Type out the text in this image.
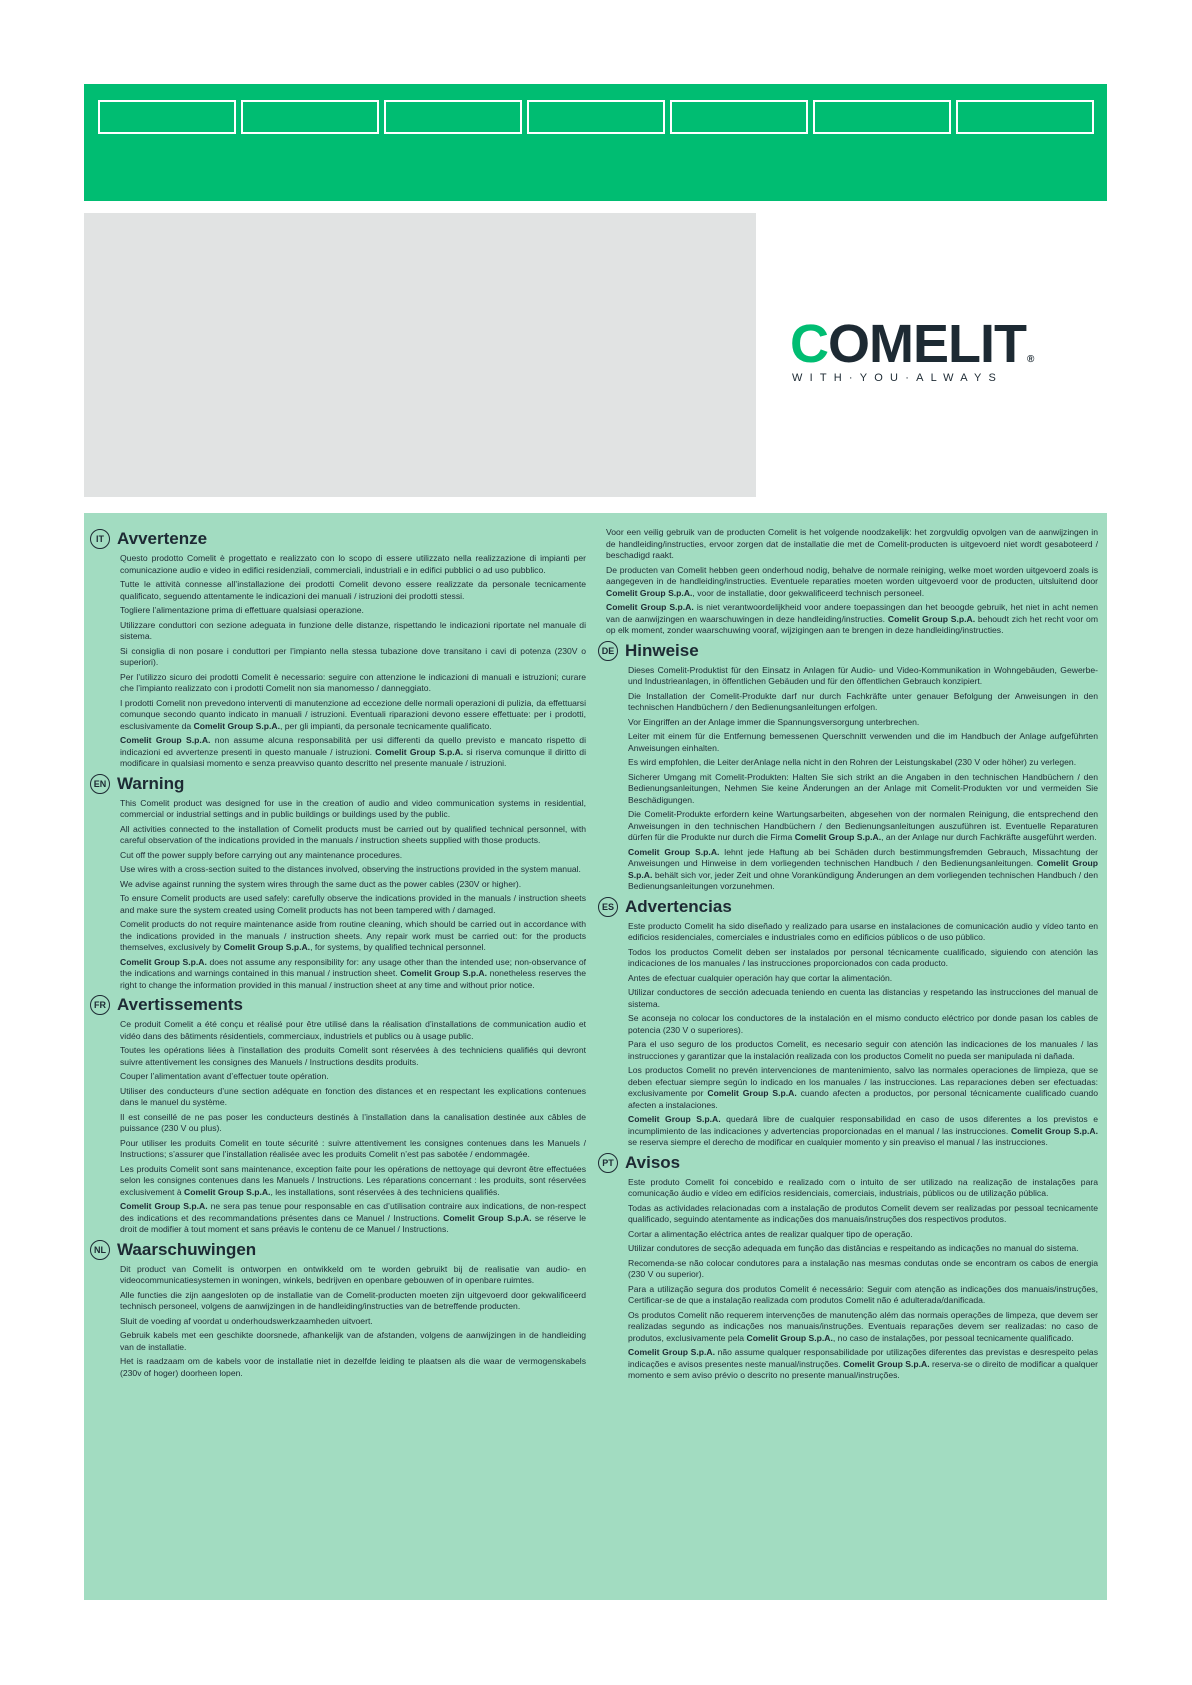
COMELIT®
WITH·YOU·ALWAYS
IT Avvertenze

Questo prodotto Comelit è progettato e realizzato con lo scopo di essere utilizzato nella realizzazione di impianti per comunicazione audio e video in edifici residenziali, commerciali, industriali e in edifici pubblici o ad uso pubblico.

Tutte le attività connesse all’installazione dei prodotti Comelit devono essere realizzate da personale tecnicamente qualificato, seguendo attentamente le indicazioni dei manuali / istruzioni dei prodotti stessi.

Togliere l’alimentazione prima di effettuare qualsiasi operazione.

Utilizzare conduttori con sezione adeguata in funzione delle distanze, rispettando le indicazioni riportate nel manuale di sistema.

Si consiglia di non posare i conduttori per l’impianto nella stessa tubazione dove transitano i cavi di potenza (230V o superiori).

Per l’utilizzo sicuro dei prodotti Comelit è necessario: seguire con attenzione le indicazioni di manuali e istruzioni; curare che l’impianto realizzato con i prodotti Comelit non sia manomesso / danneggiato.

I prodotti Comelit non prevedono interventi di manutenzione ad eccezione delle normali operazioni di pulizia, da effettuarsi comunque secondo quanto indicato in manuali / istruzioni. Eventuali riparazioni devono essere effettuate: per i prodotti, esclusivamente da Comelit Group S.p.A., per gli impianti, da personale tecnicamente qualificato.

Comelit Group S.p.A. non assume alcuna responsabilità per usi differenti da quello previsto e mancato rispetto di indicazioni ed avvertenze presenti in questo manuale / istruzioni. Comelit Group S.p.A. si riserva comunque il diritto di modificare in qualsiasi momento e senza preavviso quanto descritto nel presente manuale / istruzioni.

EN Warning

This Comelit product was designed for use in the creation of audio and video communication systems in residential, commercial or industrial settings and in public buildings or buildings used by the public.

All activities connected to the installation of Comelit products must be carried out by qualified technical personnel, with careful observation of the indications provided in the manuals / instruction sheets supplied with those products.

Cut off the power supply before carrying out any maintenance procedures.

Use wires with a cross-section suited to the distances involved, observing the instructions provided in the system manual.

We advise against running the system wires through the same duct as the power cables (230V or higher).

To ensure Comelit products are used safely: carefully observe the indications provided in the manuals / instruction sheets and make sure the system created using Comelit products has not been tampered with / damaged.

Comelit products do not require maintenance aside from routine cleaning, which should be carried out in accordance with the indications provided in the manuals / instruction sheets. Any repair work must be carried out: for the products themselves, exclusively by Comelit Group S.p.A., for systems, by qualified technical personnel.

Comelit Group S.p.A. does not assume any responsibility for: any usage other than the intended use; non-observance of the indications and warnings contained in this manual / instruction sheet. Comelit Group S.p.A. nonetheless reserves the right to change the information provided in this manual / instruction sheet at any time and without prior notice.

FR Avertissements

Ce produit Comelit a été conçu et réalisé pour être utilisé dans la réalisation d’installations de communication audio et vidéo dans des bâtiments résidentiels, commerciaux, industriels et publics ou à usage public.

Toutes les opérations liées à l’installation des produits Comelit sont réservées à des techniciens qualifiés qui devront suivre attentivement les consignes des Manuels / Instructions desdits produits.

Couper l’alimentation avant d’effectuer toute opération.

Utiliser des conducteurs d’une section adéquate en fonction des distances et en respectant les explications contenues dans le manuel du système.

Il est conseillé de ne pas poser les conducteurs destinés à l’installation dans la canalisation destinée aux câbles de puissance (230 V ou plus).

Pour utiliser les produits Comelit en toute sécurité : suivre attentivement les consignes contenues dans les Manuels / Instructions; s’assurer que l’installation réalisée avec les produits Comelit n’est pas sabotée / endommagée.

Les produits Comelit sont sans maintenance, exception faite pour les opérations de nettoyage qui devront être effectuées selon les consignes contenues dans les Manuels / Instructions. Les réparations concernant : les produits, sont réservées exclusivement à Comelit Group S.p.A., les installations, sont réservées à des techniciens qualifiés.

Comelit Group S.p.A. ne sera pas tenue pour responsable en cas d’utilisation contraire aux indications, de non-respect des indications et des recommandations présentes dans ce Manuel / Instructions. Comelit Group S.p.A. se réserve le droit de modifier à tout moment et sans préavis le contenu de ce Manuel / Instructions.

NL Waarschuwingen

Dit product van Comelit is ontworpen en ontwikkeld om te worden gebruikt bij de realisatie van audio- en videocommunicatiesystemen in woningen, winkels, bedrijven en openbare gebouwen of in openbare ruimtes.

Alle functies die zijn aangesloten op de installatie van de Comelit-producten moeten zijn uitgevoerd door gekwalificeerd technisch personeel, volgens de aanwijzingen in de handleiding/instructies van de betreffende producten.

Sluit de voeding af voordat u onderhoudswerkzaamheden uitvoert.

Gebruik kabels met een geschikte doorsnede, afhankelijk van de afstanden, volgens de aanwijzingen in de handleiding van de installatie.

Het is raadzaam om de kabels voor de installatie niet in dezelfde leiding te plaatsen als die waar de vermogenskabels (230v of hoger) doorheen lopen.

Voor een veilig gebruik van de producten Comelit is het volgende noodzakelijk: het zorgvuldig opvolgen van de aanwijzingen in de handleiding/instructies, ervoor zorgen dat de installatie die met de Comelit-producten is uitgevoerd niet wordt gesaboteerd / beschadigd raakt.

De producten van Comelit hebben geen onderhoud nodig, behalve de normale reiniging, welke moet worden uitgevoerd zoals is aangegeven in de handleiding/instructies. Eventuele reparaties moeten worden uitgevoerd voor de producten, uitsluitend door Comelit Group S.p.A., voor de installatie, door gekwalificeerd technisch personeel.

Comelit Group S.p.A. is niet verantwoordelijkheid voor andere toepassingen dan het beoogde gebruik, het niet in acht nemen van de aanwijzingen en waarschuwingen in deze handleiding/instructies. Comelit Group S.p.A. behoudt zich het recht voor om op elk moment, zonder waarschuwing vooraf, wijzigingen aan te brengen in deze handleiding/instructies.

DE Hinweise

Dieses Comelit-Produktist für den Einsatz in Anlagen für Audio- und Video-Kommunikation in Wohngebäuden, Gewerbe- und Industrieanlagen, in öffentlichen Gebäuden und für den öffentlichen Gebrauch konzipiert.

Die Installation der Comelit-Produkte darf nur durch Fachkräfte unter genauer Befolgung der Anweisungen in den technischen Handbüchern / den Bedienungsanleitungen erfolgen.

Vor Eingriffen an der Anlage immer die Spannungsversorgung unterbrechen.

Leiter mit einem für die Entfernung bemessenen Querschnitt verwenden und die im Handbuch der Anlage aufgeführten Anweisungen einhalten.

Es wird empfohlen, die Leiter derAnlage nella nicht in den Rohren der Leistungskabel (230 V oder höher) zu verlegen.

Sicherer Umgang mit Comelit-Produkten: Halten Sie sich strikt an die Angaben in den technischen Handbüchern / den Bedienungsanleitungen, Nehmen Sie keine Änderungen an der Anlage mit Comelit-Produkten vor und vermeiden Sie Beschädigungen.

Die Comelit-Produkte erfordern keine Wartungsarbeiten, abgesehen von der normalen Reinigung, die entsprechend den Anweisungen in den technischen Handbüchern / den Bedienungsanleitungen auszuführen ist. Eventuelle Reparaturen dürfen für die Produkte nur durch die Firma Comelit Group S.p.A., an der Anlage nur durch Fachkräfte ausgeführt werden.

Comelit Group S.p.A. lehnt jede Haftung ab bei Schäden durch bestimmungsfremden Gebrauch, Missachtung der Anweisungen und Hinweise in dem vorliegenden technischen Handbuch / den Bedienungsanleitungen. Comelit Group S.p.A. behält sich vor, jeder Zeit und ohne Vorankündigung Änderungen an dem vorliegenden technischen Handbuch / den Bedienungsanleitungen vorzunehmen.

ES Advertencias

Este producto Comelit ha sido diseñado y realizado para usarse en instalaciones de comunicación audio y vídeo tanto en edificios residenciales, comerciales e industriales como en edificios públicos o de uso público.

Todos los productos Comelit deben ser instalados por personal técnicamente cualificado, siguiendo con atención las indicaciones de los manuales / las instrucciones proporcionados con cada producto.

Antes de efectuar cualquier operación hay que cortar la alimentación.

Utilizar conductores de sección adecuada teniendo en cuenta las distancias y respetando las instrucciones del manual de sistema.

Se aconseja no colocar los conductores de la instalación en el mismo conducto eléctrico por donde pasan los cables de potencia (230 V o superiores).

Para el uso seguro de los productos Comelit, es necesario seguir con atención las indicaciones de los manuales / las instrucciones y garantizar que la instalación realizada con los productos Comelit no pueda ser manipulada ni dañada.

Los productos Comelit no prevén intervenciones de mantenimiento, salvo las normales operaciones de limpieza, que se deben efectuar siempre según lo indicado en los manuales / las instrucciones. Las reparaciones deben ser efectuadas: exclusivamente por Comelit Group S.p.A. cuando afecten a productos, por personal técnicamente cualificado cuando afecten a instalaciones.

Comelit Group S.p.A. quedará libre de cualquier responsabilidad en caso de usos diferentes a los previstos e incumplimiento de las indicaciones y advertencias proporcionadas en el manual / las instrucciones. Comelit Group S.p.A. se reserva siempre el derecho de modificar en cualquier momento y sin preaviso el manual / las instrucciones.

PT Avisos

Este produto Comelit foi concebido e realizado com o intuito de ser utilizado na realização de instalações para comunicação áudio e vídeo em edifícios residenciais, comerciais, industriais, públicos ou de utilização pública.

Todas as actividades relacionadas com a instalação de produtos Comelit devem ser realizadas por pessoal tecnicamente qualificado, seguindo atentamente as indicações dos manuais/instruções dos respectivos produtos.

Cortar a alimentação eléctrica antes de realizar qualquer tipo de operação.

Utilizar condutores de secção adequada em função das distâncias e respeitando as indicações no manual do sistema.

Recomenda-se não colocar condutores para a instalação nas mesmas condutas onde se encontram os cabos de energia (230 V ou superior).

Para a utilização segura dos produtos Comelit é necessário: Seguir com atenção as indicações dos manuais/instruções, Certificar-se de que a instalação realizada com produtos Comelit não é adulterada/danificada.

Os produtos Comelit não requerem intervenções de manutenção além das normais operações de limpeza, que devem ser realizadas segundo as indicações nos manuais/instruções. Eventuais reparações devem ser realizadas: no caso de produtos, exclusivamente pela Comelit Group S.p.A., no caso de instalações, por pessoal tecnicamente qualificado.

Comelit Group S.p.A. não assume qualquer responsabilidade por utilizações diferentes das previstas e desrespeito pelas indicações e avisos presentes neste manual/instruções. Comelit Group S.p.A. reserva-se o direito de modificar a qualquer momento e sem aviso prévio o descrito no presente manual/instruções.
